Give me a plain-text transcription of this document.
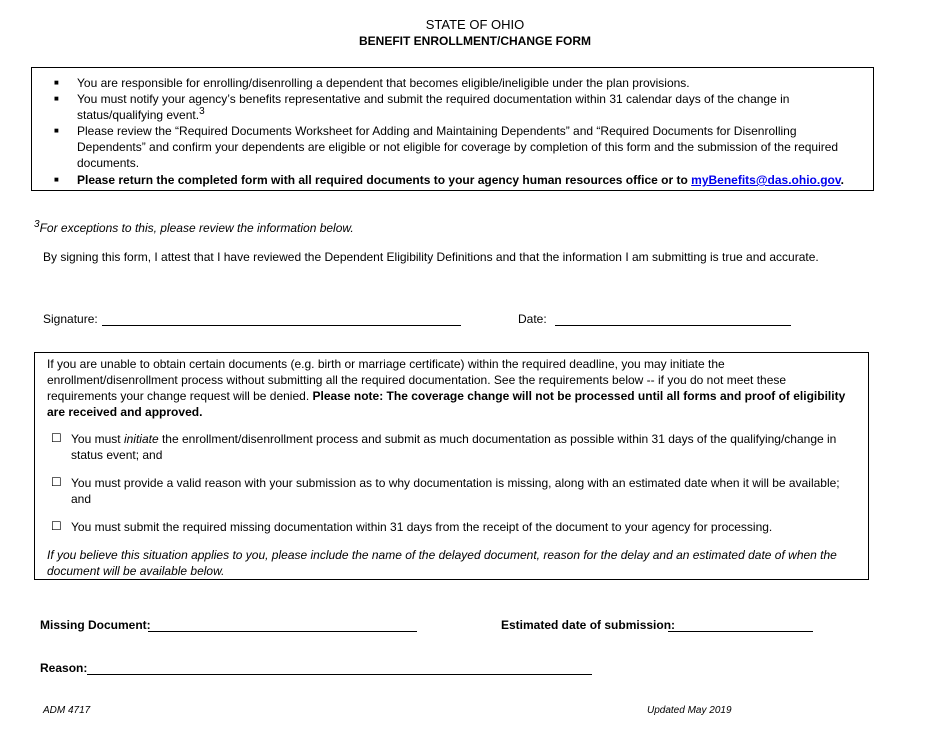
STATE OF OHIO
BENEFIT ENROLLMENT/CHANGE FORM
■ You are responsible for enrolling/disenrolling a dependent that becomes eligible/ineligible under the plan provisions.
■ You must notify your agency’s benefits representative and submit the required documentation within 31 calendar days of the change in status/qualifying event.$^3$
■ Please review the “Required Documents Worksheet for Adding and Maintaining Dependents” and “Required Documents for Disenrolling Dependents” and confirm your dependents are eligible or not eligible for coverage by completion of this form and the submission of the required documents.
■ Please return the completed form with all required documents to your agency human resources office or to myBenefits@das.ohio.gov.
$^3$For exceptions to this, please review the information below.
By signing this form, I attest that I have reviewed the Dependent Eligibility Definitions and that the information I am submitting is true and accurate.
Signature:	Date:
If you are unable to obtain certain documents (e.g. birth or marriage certificate) within the required deadline, you may initiate the enrollment/disenrollment process without submitting all the required documentation. See the requirements below -- if you do not meet these requirements your change request will be denied. Please note: The coverage change will not be processed until all forms and proof of eligibility are received and approved.
☐ You must initiate the enrollment/disenrollment process and submit as much documentation as possible within 31 days of the qualifying/change in status event; and
☐ You must provide a valid reason with your submission as to why documentation is missing, along with an estimated date when it will be available; and
☐ You must submit the required missing documentation within 31 days from the receipt of the document to your agency for processing.
If you believe this situation applies to you, please include the name of the delayed document, reason for the delay and an estimated date of when the document will be available below.
Missing Document:	Estimated date of submission:
Reason:
ADM 4717	Updated May 2019
